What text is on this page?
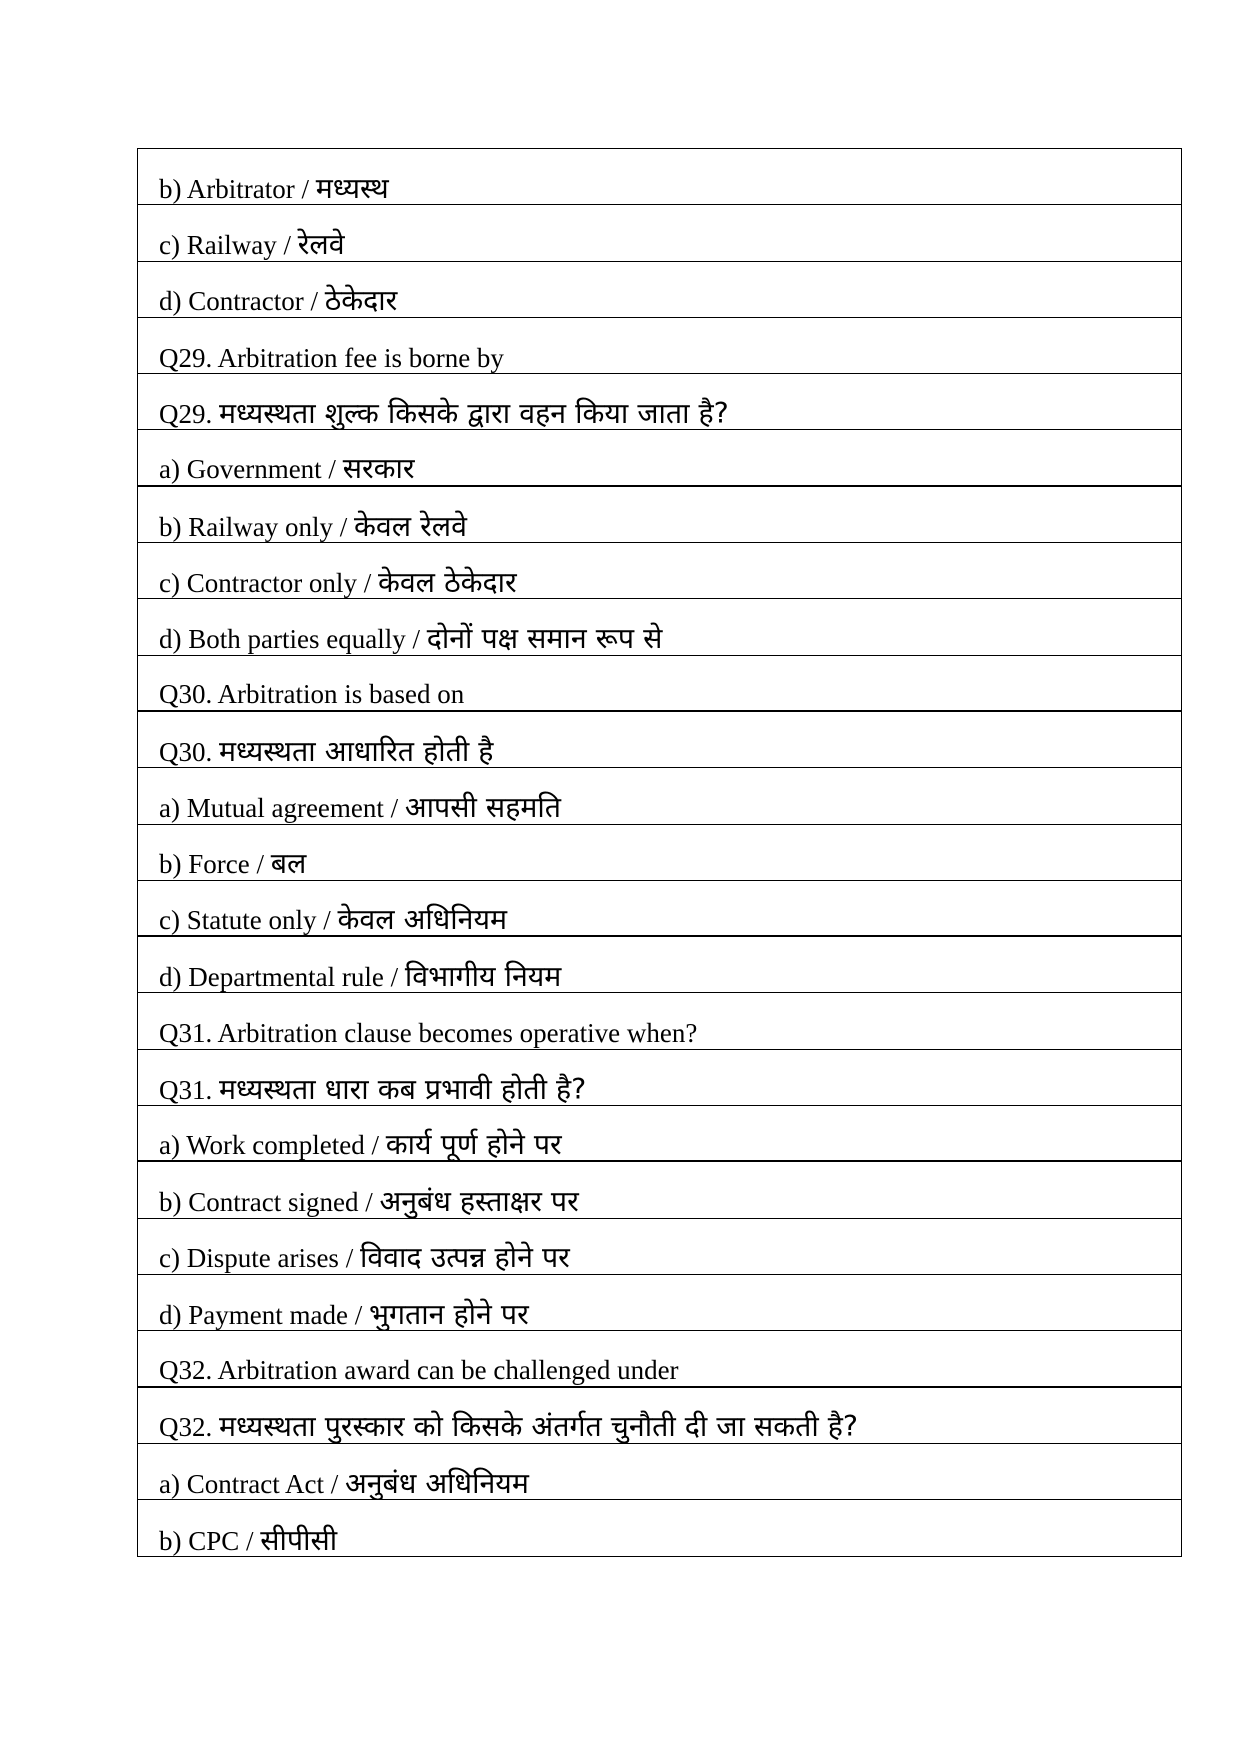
b) Arbitrator / मध्यस्थ
c) Railway / रेलवे
d) Contractor / ठेकेदार
Q29. Arbitration fee is borne by
Q29. मध्यस्थता शुल्क किसके द्वारा वहन किया जाता है?
a) Government / सरकार
b) Railway only / केवल रेलवे
c) Contractor only / केवल ठेकेदार
d) Both parties equally / दोनों पक्ष समान रूप से
Q30. Arbitration is based on
Q30. मध्यस्थता आधारित होती है
a) Mutual agreement / आपसी सहमति
b) Force / बल
c) Statute only / केवल अधिनियम
d) Departmental rule / विभागीय नियम
Q31. Arbitration clause becomes operative when?
Q31. मध्यस्थता धारा कब प्रभावी होती है?
a) Work completed / कार्य पूर्ण होने पर
b) Contract signed / अनुबंध हस्ताक्षर पर
c) Dispute arises / विवाद उत्पन्न होने पर
d) Payment made / भुगतान होने पर
Q32. Arbitration award can be challenged under
Q32. मध्यस्थता पुरस्कार को किसके अंतर्गत चुनौती दी जा सकती है?
a) Contract Act / अनुबंध अधिनियम
b) CPC / सीपीसी
